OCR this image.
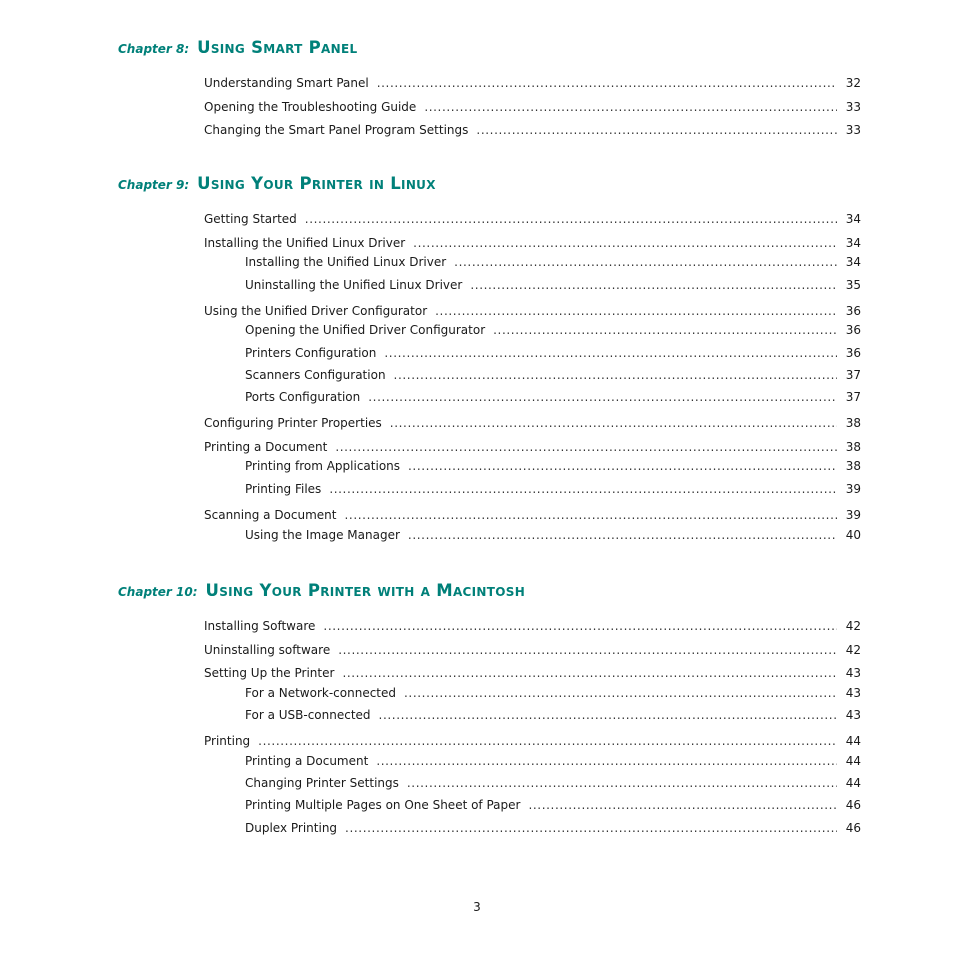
Chapter 8: Using Smart Panel
Understanding Smart Panel .....	32
Opening the Troubleshooting Guide .....	33
Changing the Smart Panel Program Settings .....	33
Chapter 9: Using Your Printer in Linux
Getting Started .....	34
Installing the Unified Linux Driver .....	34
Installing the Unified Linux Driver .....	34
Uninstalling the Unified Linux Driver .....	35
Using the Unified Driver Configurator .....	36
Opening the Unified Driver Configurator .....	36
Printers Configuration .....	36
Scanners Configuration .....	37
Ports Configuration .....	37
Configuring Printer Properties .....	38
Printing a Document .....	38
Printing from Applications .....	38
Printing Files .....	39
Scanning a Document .....	39
Using the Image Manager .....	40
Chapter 10: Using Your Printer with a Macintosh
Installing Software .....	42
Uninstalling software .....	42
Setting Up the Printer .....	43
For a Network-connected .....	43
For a USB-connected .....	43
Printing .....	44
Printing a Document .....	44
Changing Printer Settings .....	44
Printing Multiple Pages on One Sheet of Paper .....	46
Duplex Printing .....	46
3
